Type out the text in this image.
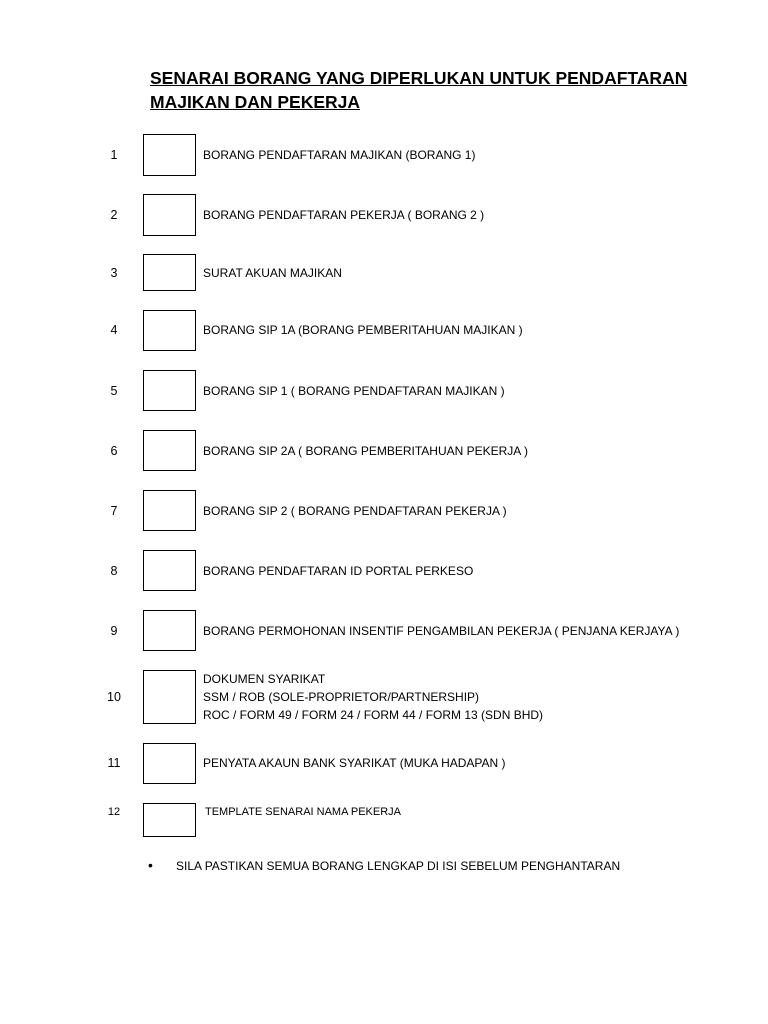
SENARAI BORANG YANG DIPERLUKAN UNTUK PENDAFTARAN
MAJIKAN DAN PEKERJA
1	BORANG PENDAFTARAN MAJIKAN (BORANG 1)
2	BORANG PENDAFTARAN PEKERJA ( BORANG 2 )
3	SURAT AKUAN MAJIKAN
4	BORANG SIP 1A (BORANG PEMBERITAHUAN MAJIKAN )
5	BORANG SIP 1 ( BORANG PENDAFTARAN MAJIKAN )
6	BORANG SIP 2A ( BORANG PEMBERITAHUAN PEKERJA )
7	BORANG SIP 2 ( BORANG PENDAFTARAN PEKERJA )
8	BORANG PENDAFTARAN ID PORTAL PERKESO
9	BORANG PERMOHONAN INSENTIF PENGAMBILAN PEKERJA ( PENJANA KERJAYA )
10
DOKUMEN SYARIKAT
SSM / ROB (SOLE-PROPRIETOR/PARTNERSHIP)
ROC / FORM 49 / FORM 24 / FORM 44 / FORM 13 (SDN BHD)
11	PENYATA AKAUN BANK SYARIKAT (MUKA HADAPAN )
12	TEMPLATE SENARAI NAMA PEKERJA
• SILA PASTIKAN SEMUA BORANG LENGKAP DI ISI SEBELUM PENGHANTARAN
